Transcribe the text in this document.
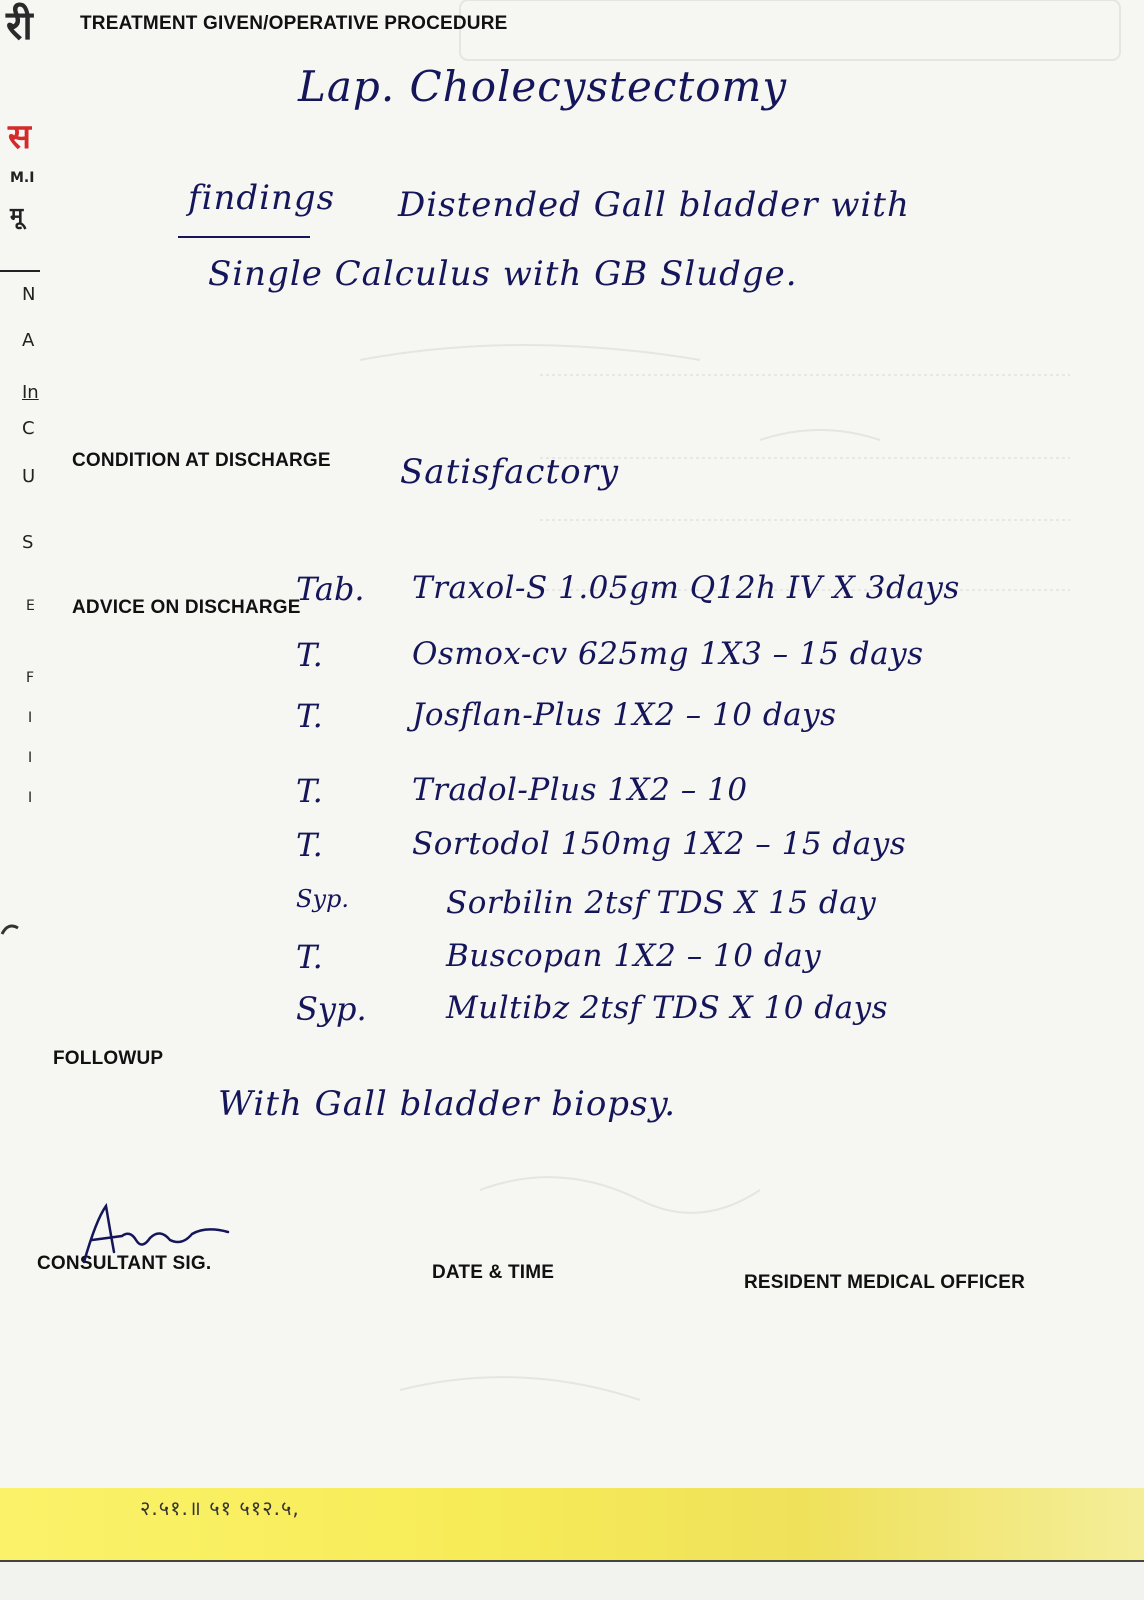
री
स
M.I
मू
N
A
In
C
U
S
E
F
I
I
I
TREATMENT GIVEN/OPERATIVE PROCEDURE
CONDITION AT DISCHARGE
ADVICE ON DISCHARGE
FOLLOWUP
CONSULTANT SIG.	DATE & TIME	RESIDENT MEDICAL OFFICER
Lap. Cholecystectomy
findings Distended Gall bladder with
Single Calculus with GB Sludge.
Satisfactory
Tab. Traxol-S 1.05gm Q12h IV X 3days
T.	Osmox-cv 625mg 1X3 – 15 days
T.	Josflan-Plus 1X2 – 10 days
T.	Tradol-Plus 1X2 – 10
T.	Sortodol 150mg 1X2 – 15 days
Syp.	Sorbilin 2tsf TDS X 15 day
T.	Buscopan 1X2 – 10 day
Syp.	Multibz 2tsf TDS X 10 days
With Gall bladder biopsy.
२.५१.॥ ५१ ५१२.५,
